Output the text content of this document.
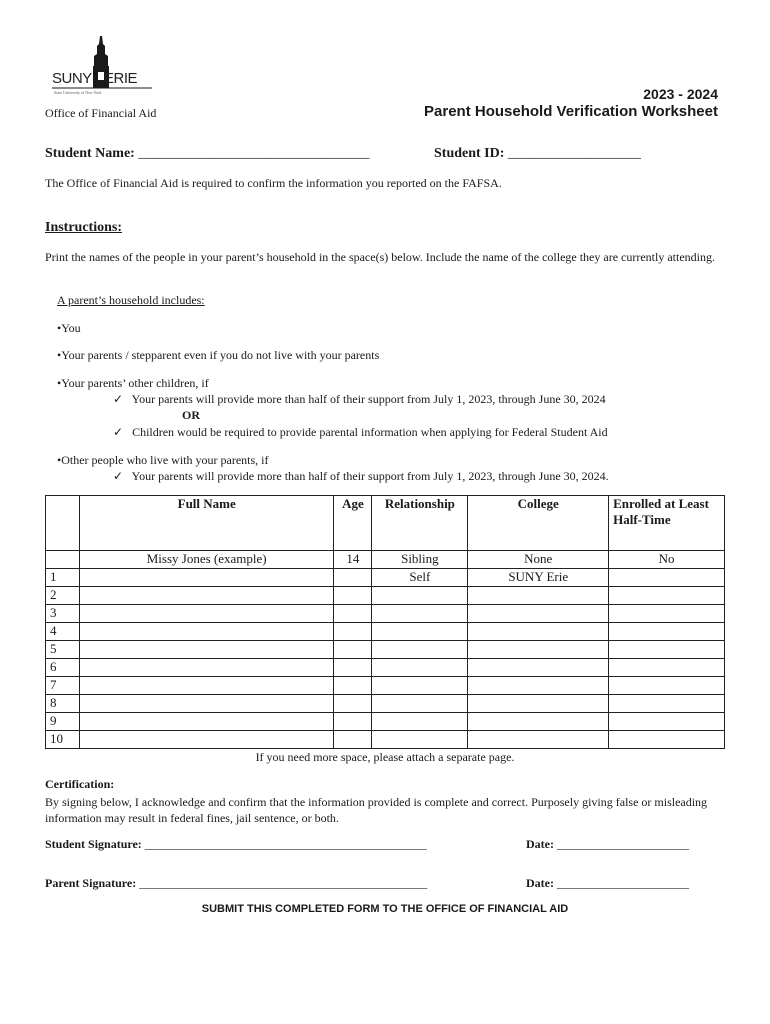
SUNY ERIE
State University of New York
Office of Financial Aid
2023 - 2024
Parent Household Verification Worksheet
Student Name: _________________________________	Student ID: ___________________
The Office of Financial Aid is required to confirm the information you reported on the FAFSA.
Instructions:
Print the names of the people in your parent’s household in the space(s) below. Include the name of the college they are currently attending.
A parent’s household includes:
•You
•Your parents / stepparent even if you do not live with your parents
•Your parents’ other children, if
✓ Your parents will provide more than half of their support from July 1, 2023, through June 30, 2024
OR
✓ Children would be required to provide parental information when applying for Federal Student Aid
•Other people who live with your parents, if
✓ Your parents will provide more than half of their support from July 1, 2023, through June 30, 2024.
	Full Name	Age	Relationship	College	Enrolled at Least Half-Time
	Missy Jones (example)	14	Sibling	None	No
1			Self	SUNY Erie	
2					
3					
4					
5					
6					
7					
8					
9					
10					
If you need more space, please attach a separate page.
Certification:
By signing below, I acknowledge and confirm that the information provided is complete and correct. Purposely giving false or misleading information may result in federal fines, jail sentence, or both.
Student Signature: _______________________________________________	Date: ______________________
Parent Signature: ________________________________________________	Date: ______________________
SUBMIT THIS COMPLETED FORM TO THE OFFICE OF FINANCIAL AID
